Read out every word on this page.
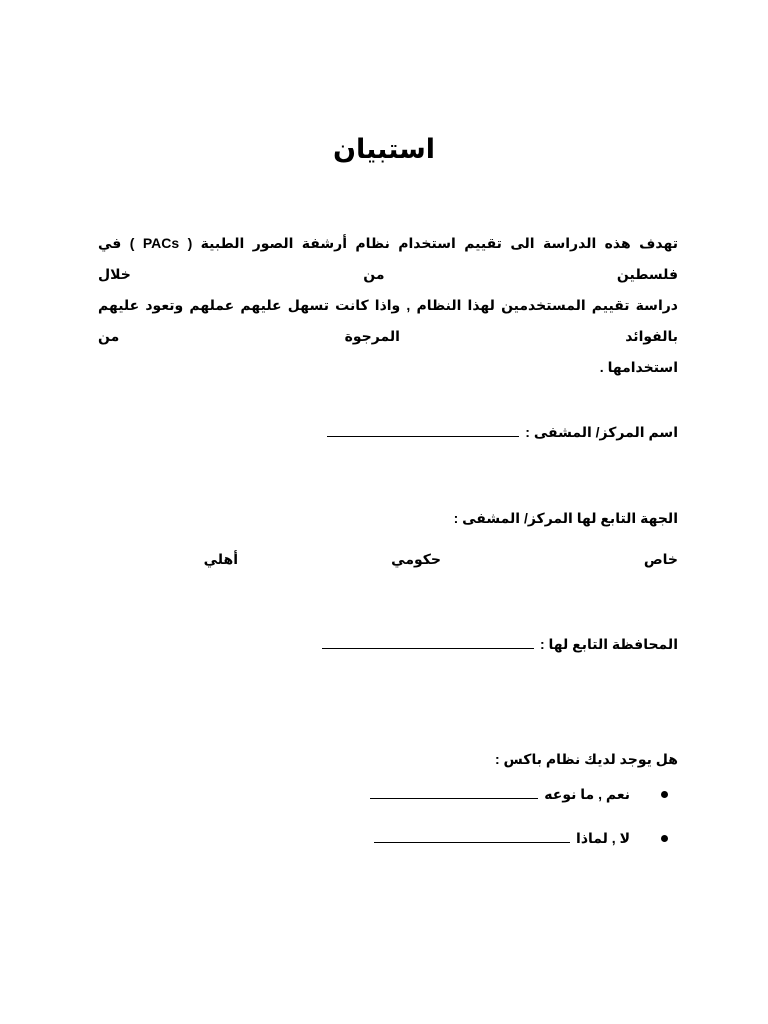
استبيان
تهدف هذه الدراسة الى تقييم استخدام نظام أرشفة الصور الطبية ( PACs ) في فلسطين من خلال
دراسة تقييم المستخدمين لهذا النظام , واذا كانت تسهل عليهم عملهم وتعود عليهم بالفوائد المرجوة من
استخدامها .
اسم المركز/ المشفى :
الجهة التابع لها المركز/ المشفى :
خاص
حكومي
أهلي
المحافظة التابع لها :
هل يوجد لديك نظام باكس :
نعم , ما نوعه
لا , لماذا
